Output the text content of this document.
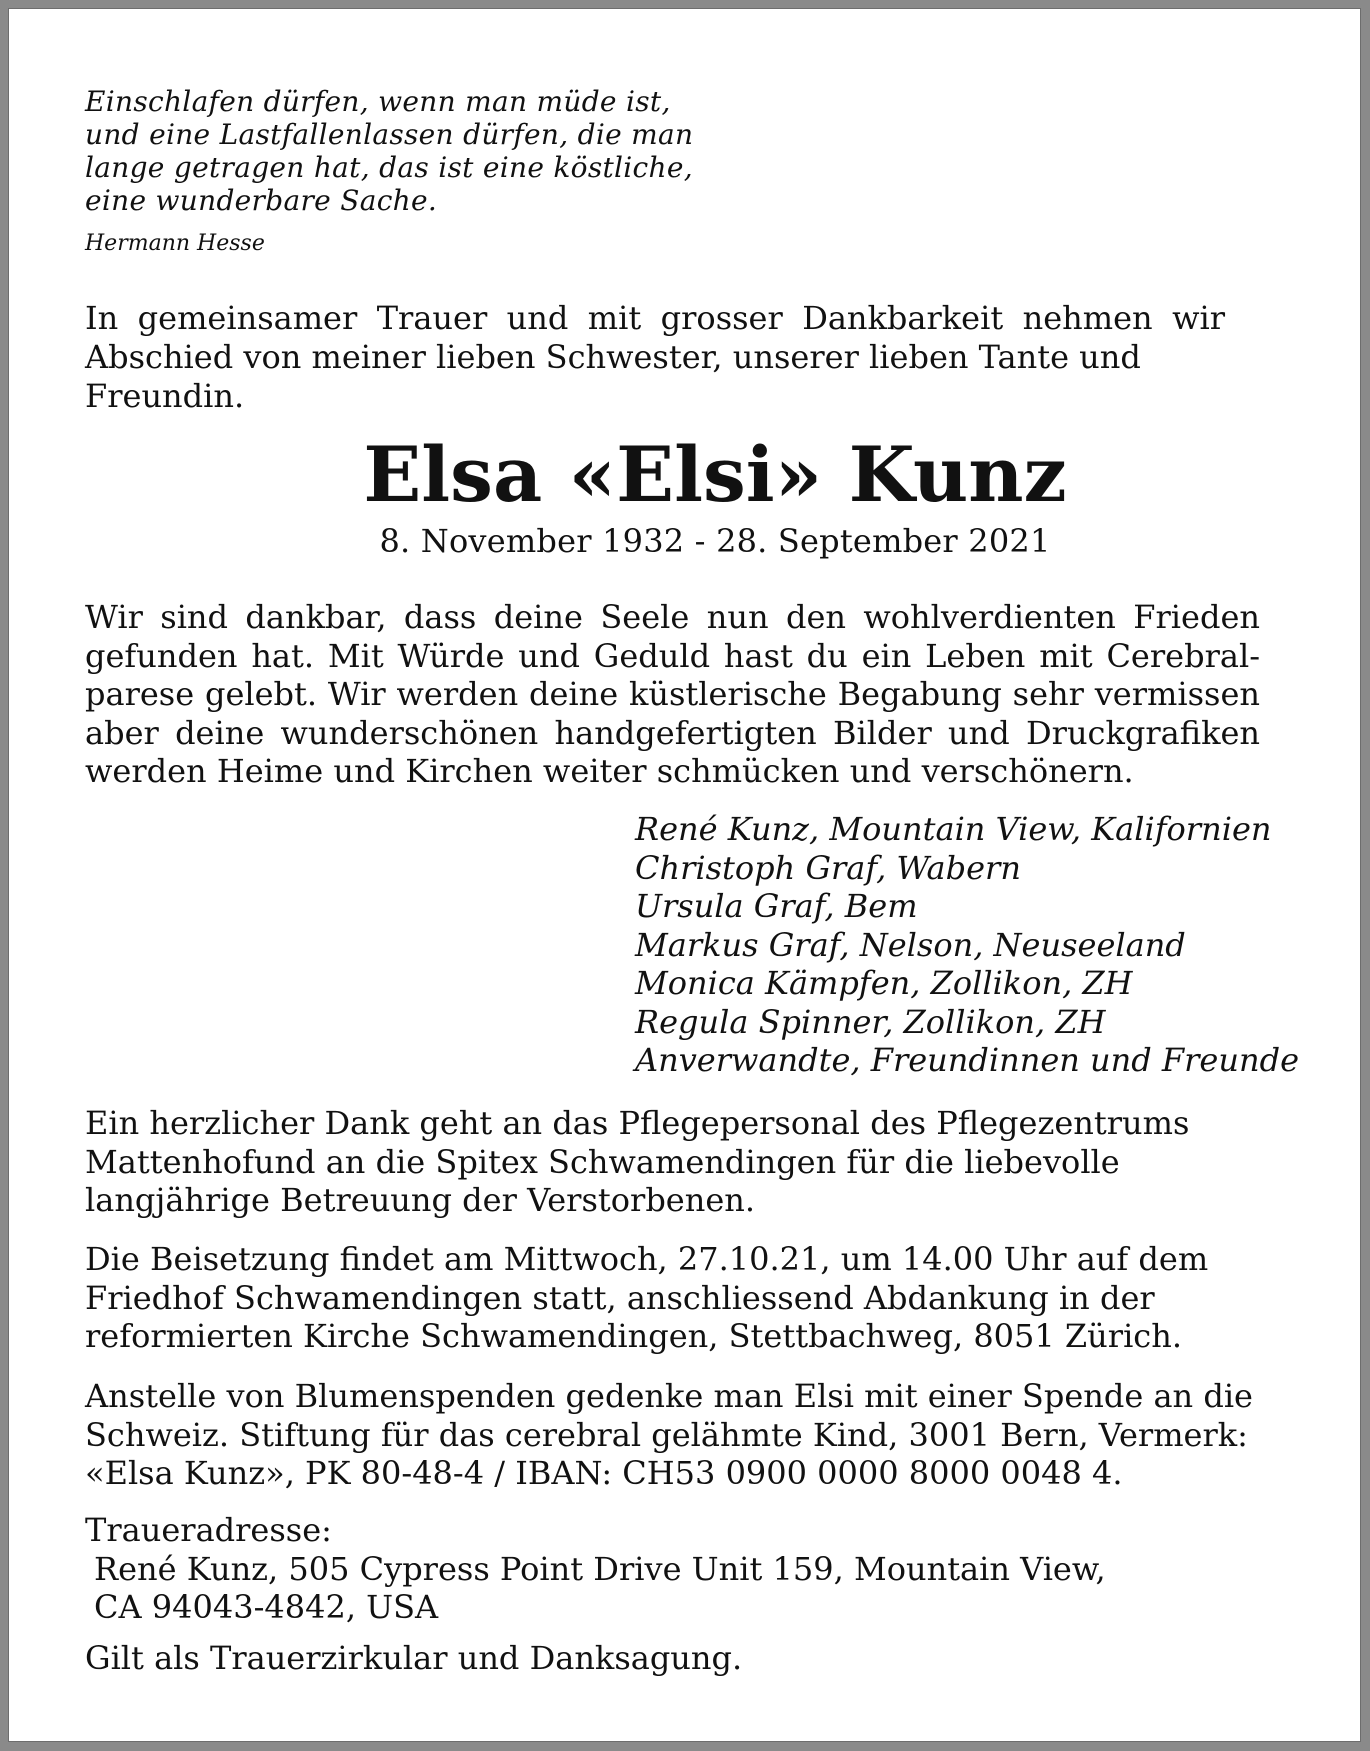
Einschlafen dürfen, wenn man müde ist,
und eine Lastfallenlassen dürfen, die man
lange getragen hat, das ist eine köstliche,
eine wunderbare Sache.
Hermann Hesse
In gemeinsamer Trauer und mit grosser Dankbarkeit nehmen wir Abschied von meiner lieben Schwester, unserer lieben Tante und
Freundin.
Elsa «Elsi» Kunz
8. November 1932 - 28. September 2021
Wir sind dankbar, dass deine Seele nun den wohlverdienten Frieden gefunden hat. Mit Würde und Geduld hast du ein Leben mit Cerebralparese gelebt. Wir werden deine küstlerische Begabung sehr vermissen aber deine wunderschönen handgefertigten Bilder und Druckgrafiken werden Heime und Kirchen weiter schmücken und verschönern.
René Kunz, Mountain View, Kalifornien
Christoph Graf, Wabern
Ursula Graf, Bem
Markus Graf, Nelson, Neuseeland
Monica Kämpfen, Zollikon, ZH
Regula Spinner, Zollikon, ZH
Anverwandte, Freundinnen und Freunde
Ein herzlicher Dank geht an das Pflegepersonal des Pflegezentrums
Mattenhofund an die Spitex Schwamendingen für die liebevolle
langjährige Betreuung der Verstorbenen.
Die Beisetzung findet am Mittwoch, 27.10.21, um 14.00 Uhr auf dem
Friedhof Schwamendingen statt, anschliessend Abdankung in der
reformierten Kirche Schwamendingen, Stettbachweg, 8051 Zürich.
Anstelle von Blumenspenden gedenke man Elsi mit einer Spende an die
Schweiz. Stiftung für das cerebral gelähmte Kind, 3001 Bern, Vermerk:
«Elsa Kunz», PK 80-48-4 / IBAN: CH53 0900 0000 8000 0048 4.
Traueradresse:
René Kunz, 505 Cypress Point Drive Unit 159, Mountain View,
CA 94043-4842, USA
Gilt als Trauerzirkular und Danksagung.
